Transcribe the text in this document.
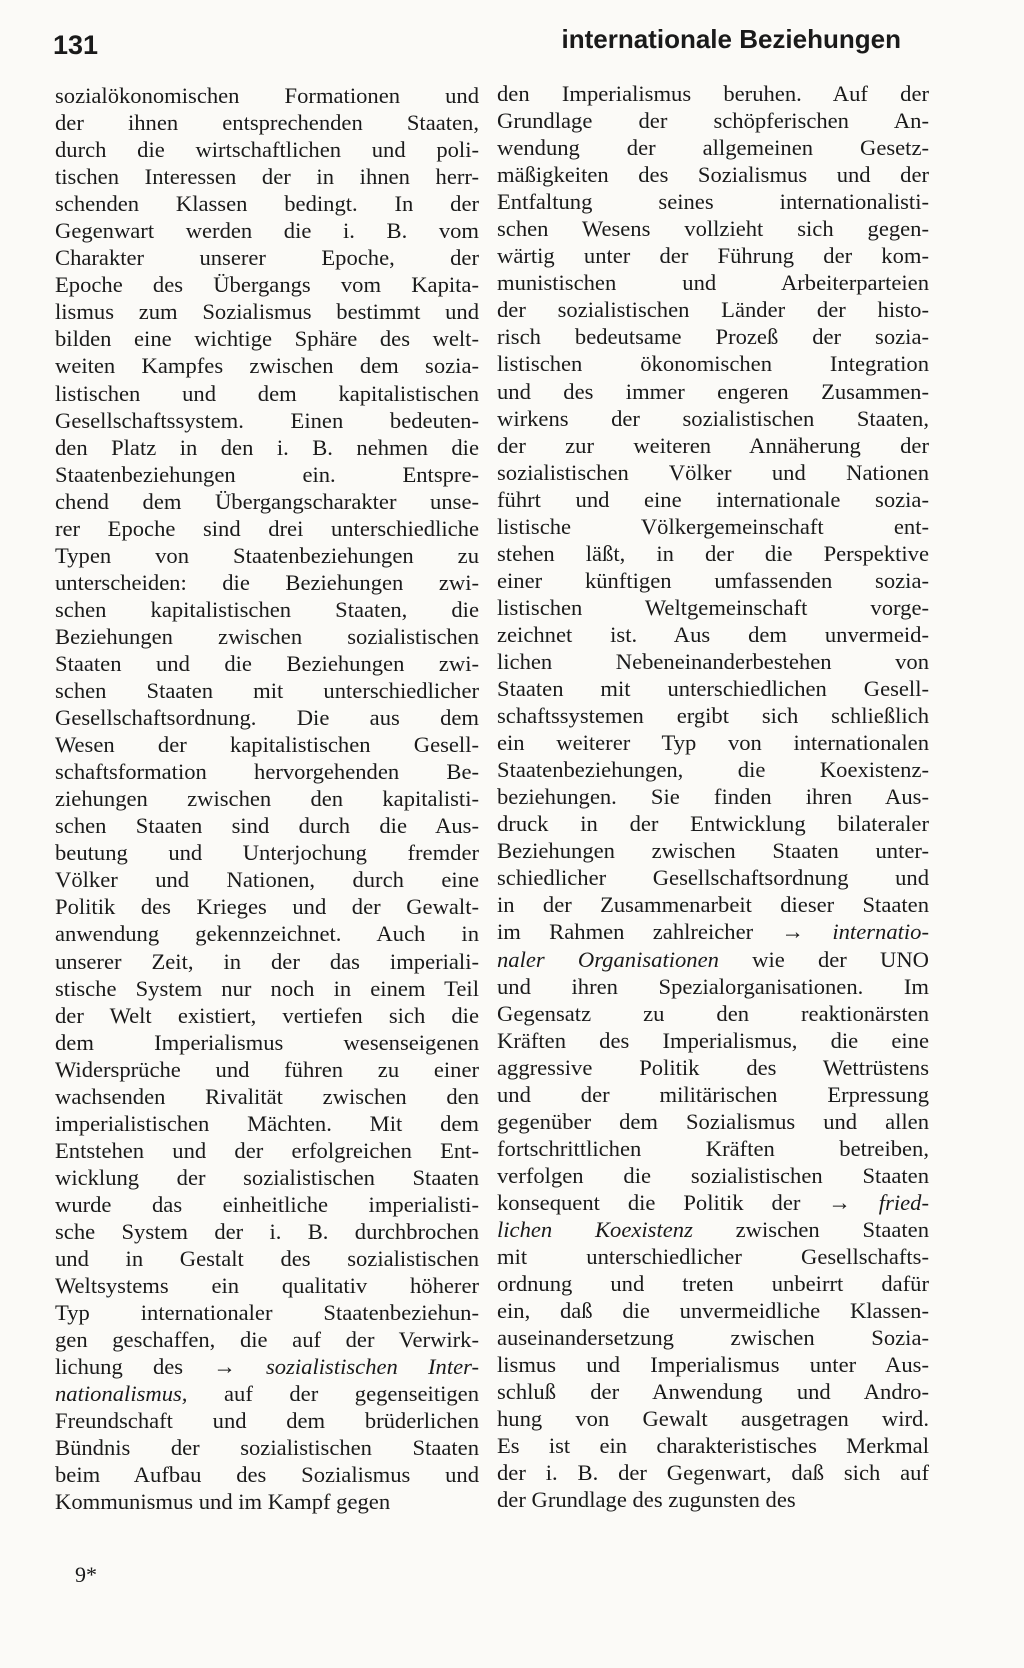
131	internationale Beziehungen
sozialökonomischen Formationen und
der ihnen entsprechenden Staaten,
durch die wirtschaftlichen und poli-
tischen Interessen der in ihnen herr-
schenden Klassen bedingt. In der
Gegenwart werden die i. B. vom
Charakter unserer Epoche, der
Epoche des Übergangs vom Kapita-
lismus zum Sozialismus bestimmt und
bilden eine wichtige Sphäre des welt-
weiten Kampfes zwischen dem sozia-
listischen und dem kapitalistischen
Gesellschaftssystem. Einen bedeuten-
den Platz in den i. B. nehmen die
Staatenbeziehungen ein. Entspre-
chend dem Übergangscharakter unse-
rer Epoche sind drei unterschiedliche
Typen von Staatenbeziehungen zu
unterscheiden: die Beziehungen zwi-
schen kapitalistischen Staaten, die
Beziehungen zwischen sozialistischen
Staaten und die Beziehungen zwi-
schen Staaten mit unterschiedlicher
Gesellschaftsordnung. Die aus dem
Wesen der kapitalistischen Gesell-
schaftsformation hervorgehenden Be-
ziehungen zwischen den kapitalisti-
schen Staaten sind durch die Aus-
beutung und Unterjochung fremder
Völker und Nationen, durch eine
Politik des Krieges und der Gewalt-
anwendung gekennzeichnet. Auch in
unserer Zeit, in der das imperiali-
stische System nur noch in einem Teil
der Welt existiert, vertiefen sich die
dem Imperialismus wesenseigenen
Widersprüche und führen zu einer
wachsenden Rivalität zwischen den
imperialistischen Mächten. Mit dem
Entstehen und der erfolgreichen Ent-
wicklung der sozialistischen Staaten
wurde das einheitliche imperialisti-
sche System der i. B. durchbrochen
und in Gestalt des sozialistischen
Weltsystems ein qualitativ höherer
Typ internationaler Staatenbeziehun-
gen geschaffen, die auf der Verwirk-
lichung des → sozialistischen Inter-
nationalismus, auf der gegenseitigen
Freundschaft und dem brüderlichen
Bündnis der sozialistischen Staaten
beim Aufbau des Sozialismus und
Kommunismus und im Kampf gegen
den Imperialismus beruhen. Auf der
Grundlage der schöpferischen An-
wendung der allgemeinen Gesetz-
mäßigkeiten des Sozialismus und der
Entfaltung seines internationalisti-
schen Wesens vollzieht sich gegen-
wärtig unter der Führung der kom-
munistischen und Arbeiterparteien
der sozialistischen Länder der histo-
risch bedeutsame Prozeß der sozia-
listischen ökonomischen Integration
und des immer engeren Zusammen-
wirkens der sozialistischen Staaten,
der zur weiteren Annäherung der
sozialistischen Völker und Nationen
führt und eine internationale sozia-
listische Völkergemeinschaft ent-
stehen läßt, in der die Perspektive
einer künftigen umfassenden sozia-
listischen Weltgemeinschaft vorge-
zeichnet ist. Aus dem unvermeid-
lichen Nebeneinanderbestehen von
Staaten mit unterschiedlichen Gesell-
schaftssystemen ergibt sich schließlich
ein weiterer Typ von internationalen
Staatenbeziehungen, die Koexistenz-
beziehungen. Sie finden ihren Aus-
druck in der Entwicklung bilateraler
Beziehungen zwischen Staaten unter-
schiedlicher Gesellschaftsordnung und
in der Zusammenarbeit dieser Staaten
im Rahmen zahlreicher → internatio-
naler Organisationen wie der UNO
und ihren Spezialorganisationen. Im
Gegensatz zu den reaktionärsten
Kräften des Imperialismus, die eine
aggressive Politik des Wettrüstens
und der militärischen Erpressung
gegenüber dem Sozialismus und allen
fortschrittlichen Kräften betreiben,
verfolgen die sozialistischen Staaten
konsequent die Politik der → fried-
lichen Koexistenz zwischen Staaten
mit unterschiedlicher Gesellschafts-
ordnung und treten unbeirrt dafür
ein, daß die unvermeidliche Klassen-
auseinandersetzung zwischen Sozia-
lismus und Imperialismus unter Aus-
schluß der Anwendung und Andro-
hung von Gewalt ausgetragen wird.
Es ist ein charakteristisches Merkmal
der i. B. der Gegenwart, daß sich auf
der Grundlage des zugunsten des
9*
